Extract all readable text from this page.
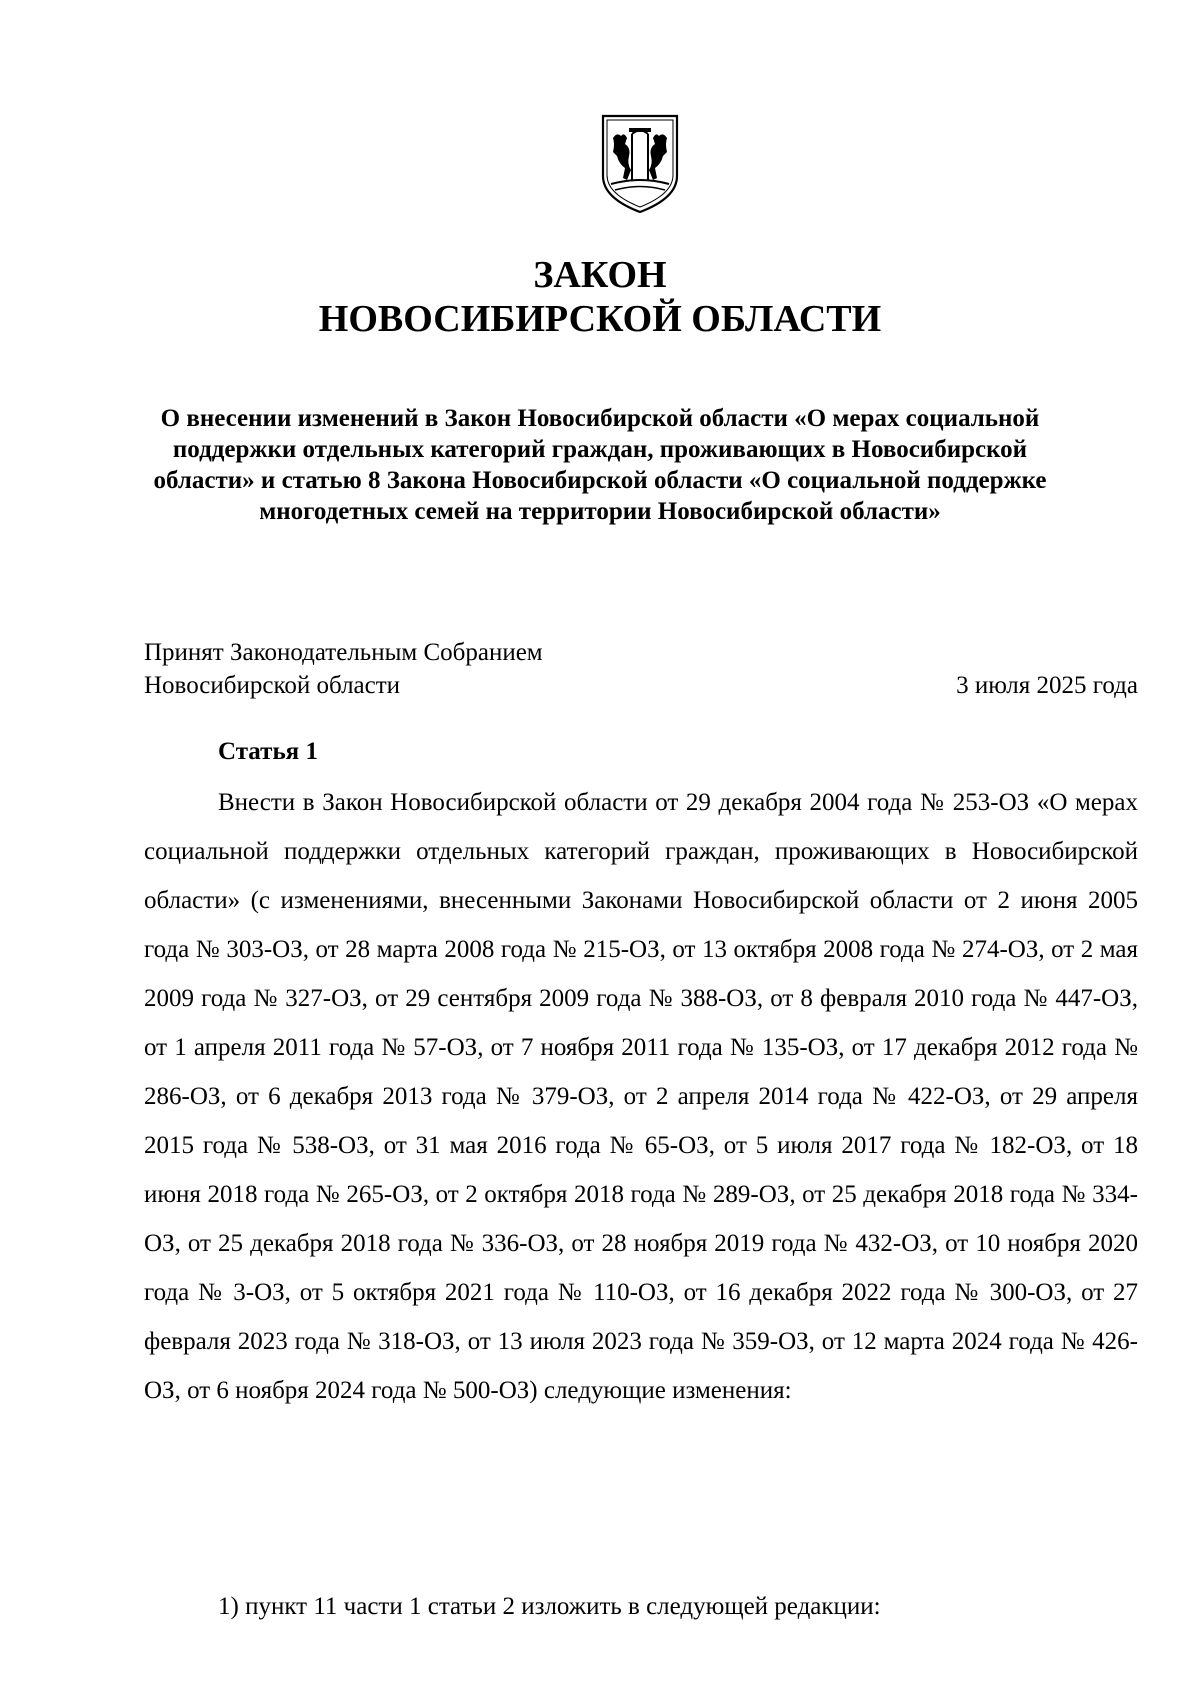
ЗАКОН
НОВОСИБИРСКОЙ ОБЛАСТИ

О внесении изменений в Закон Новосибирской области «О мерах социальной поддержки отдельных категорий граждан, проживающих в Новосибирской области» и статью 8 Закона Новосибирской области «О социальной поддержке многодетных семей на территории Новосибирской области»

Принят Законодательным Собранием
Новосибирской области	3 июля 2025 года

Статья 1

Внести в Закон Новосибирской области от 29 декабря 2004 года № 253-ОЗ «О мерах социальной поддержки отдельных категорий граждан, проживающих в Новосибирской области» (с изменениями, внесенными Законами Новосибирской области от 2 июня 2005 года № 303-ОЗ, от 28 марта 2008 года № 215-ОЗ, от 13 октября 2008 года № 274-ОЗ, от 2 мая 2009 года № 327-ОЗ, от 29 сентября 2009 года № 388-ОЗ, от 8 февраля 2010 года № 447-ОЗ, от 1 апреля 2011 года № 57-ОЗ, от 7 ноября 2011 года № 135-ОЗ, от 17 декабря 2012 года № 286-ОЗ, от 6 декабря 2013 года № 379-ОЗ, от 2 апреля 2014 года № 422-ОЗ, от 29 апреля 2015 года № 538-ОЗ, от 31 мая 2016 года № 65-ОЗ, от 5 июля 2017 года № 182-ОЗ, от 18 июня 2018 года № 265-ОЗ, от 2 октября 2018 года № 289-ОЗ, от 25 декабря 2018 года № 334-ОЗ, от 25 декабря 2018 года № 336-ОЗ, от 28 ноября 2019 года № 432-ОЗ, от 10 ноября 2020 года № 3-ОЗ, от 5 октября 2021 года № 110-ОЗ, от 16 декабря 2022 года № 300-ОЗ, от 27 февраля 2023 года № 318-ОЗ, от 13 июля 2023 года № 359-ОЗ, от 12 марта 2024 года № 426-ОЗ, от 6 ноября 2024 года № 500-ОЗ) следующие изменения:

1) пункт 11 части 1 статьи 2 изложить в следующей редакции:
